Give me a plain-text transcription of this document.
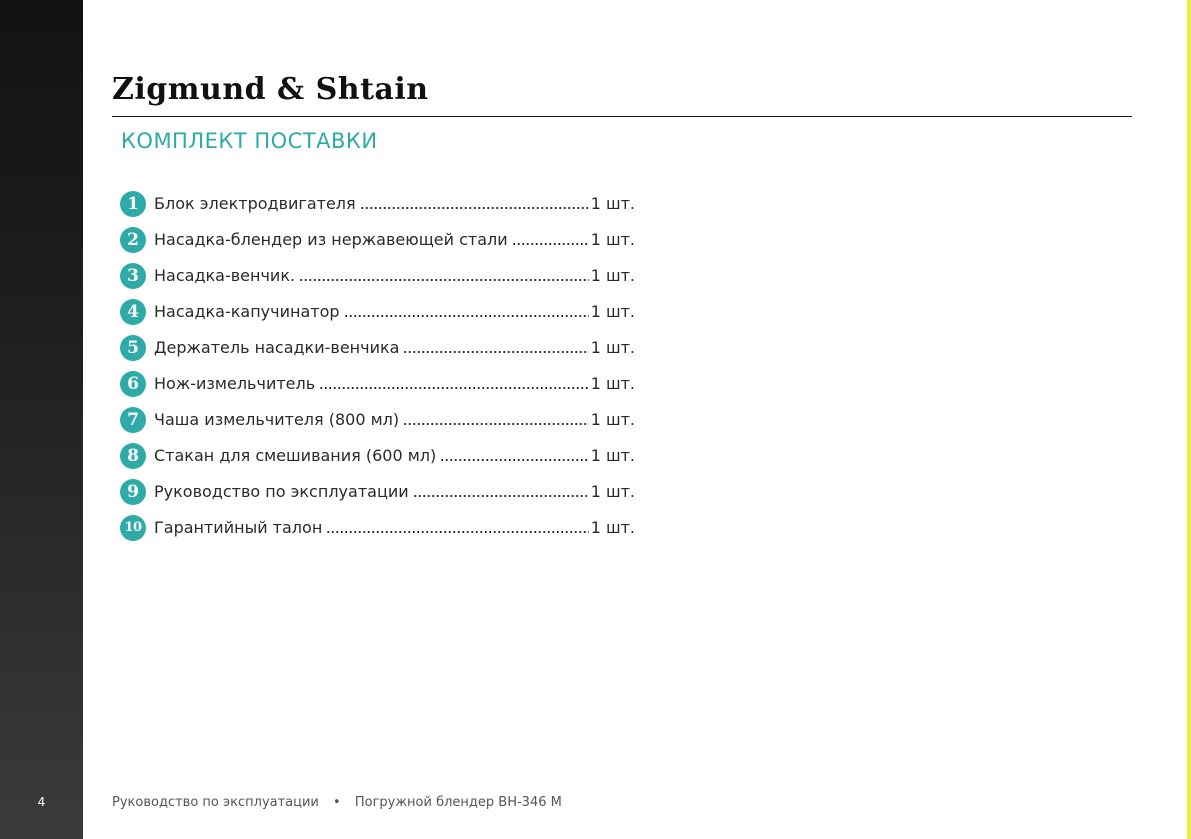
4
Zigmund & Shtain
КОМПЛЕКТ ПОСТАВКИ
1 Блок электродвигателя	1 шт.
2 Насадка-блендер из нержавеющей стали	1 шт.
3 Насадка-венчик.	1 шт.
4 Насадка-капучинатор	1 шт.
5 Держатель насадки-венчика	1 шт.
6 Нож-измельчитель	1 шт.
7 Чаша измельчителя (800 мл)	1 шт.
8 Стакан для смешивания (600 мл)	1 шт.
9 Руководство по эксплуатации	1 шт.
10 Гарантийный талон	1 шт.
Руководство по эксплуатации • Погружной блендер BH-346 M
